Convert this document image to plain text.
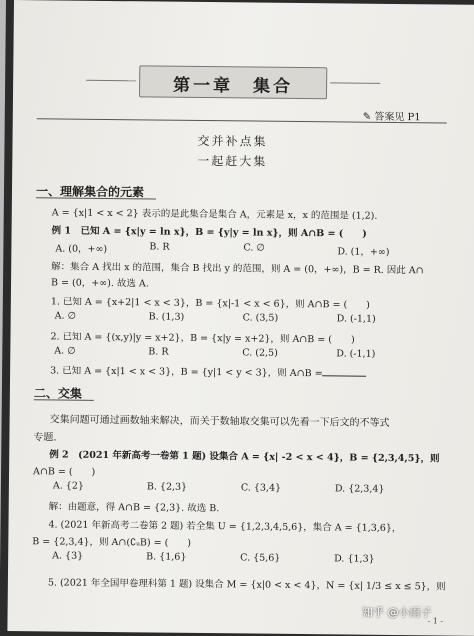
第一章　集合
✎ 答案见 P1
交并补点集
一起赶大集
一、理解集合的元素
A = {x|1 < x < 2} 表示的是此集合是集合 A，元素是 x，x 的范围是 (1,2).
例 1　已知 A = {x|y = ln x}，B = {y|y = ln x}，则 A∩B = (　　)
A. (0，+∞)	B. R	C. ∅	D. (1，+∞)
解：集合 A 找出 x 的范围，集合 B 找出 y 的范围，则 A = (0，+∞)，B = R. 因此 A∩
B = (0，+∞). 故选 A.
1. 已知 A = {x+2|1 < x < 3}，B = {x|-1 < x < 6}，则 A∩B = (　　)
A. ∅	B. (1,3)	C. (3,5)	D. (-1,1)
2. 已知 A = {(x,y)|y = x+2}，B = {x|y = x+2}，则 A∩B = (　　)
A. ∅	B. R	C. (2,5)	D. (-1,1)
3. 已知 A = {x|1 < x < 3}，B = {y|1 < y < 3}，则 A∩B =
二、交集
交集问题可通过画数轴来解决，而关于数轴取交集可以先看一下后文的不等式
专题.
例 2　(2021 年新高考一卷第 1 题) 设集合 A = {x| -2 < x < 4}，B = {2,3,4,5}，则
A∩B = (　　)
A. {2}	B. {2,3}	C. {3,4}	D. {2,3,4}
解：由题意，得 A∩B = {2,3}. 故选 B.
4. (2021 年新高考二卷第 2 题) 若全集 U = {1,2,3,4,5,6}，集合 A = {1,3,6}，
B = {2,3,4}，则 A∩(∁ᵤB) = (　　)
A. {3}	B. {1,6}	C. {5,6}	D. {1,3}
5. (2021 年全国甲卷理科第 1 题) 设集合 M = {x|0 < x < 4}，N = {x| 1/3 ≤ x ≤ 5}，则
- 1 -
知乎 @小雨子
